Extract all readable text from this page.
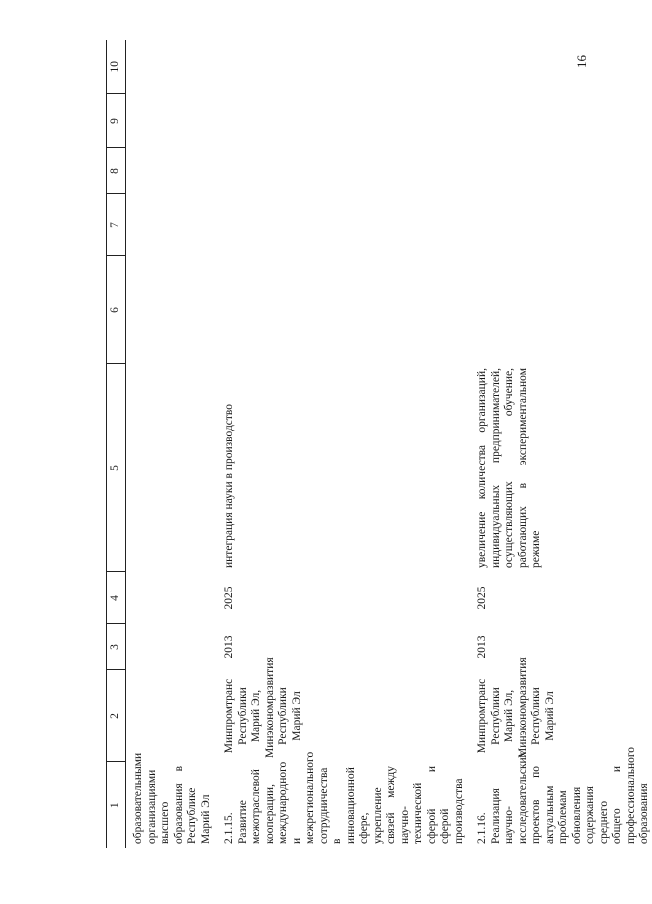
16
1	2	3	4	5	6	7	8	9	10
образовательными организациями высшего образования в Республике Марий Эл									
2.1.15. Развитие межотраслевой кооперации, международного и межрегионального сотрудничества в инновационной сфере, укрепление связей между научно-технической сферой и сферой производства	Минпромтранс Республики Марий Эл, Минэкономразвития Республики Марий Эл	2013	2025	интеграция науки в производство					
2.1.16. Реализация научно-исследовательских проектов по актуальным проблемам обновления содержания среднего общего и профессионального образования	Минпромтранс Республики Марий Эл, Минэкономразвития Республики Марий Эл	2013	2025	увеличение количества организаций, индивидуальных предпринимателей, осуществляющих обучение, работающих в экспериментальном режиме					
